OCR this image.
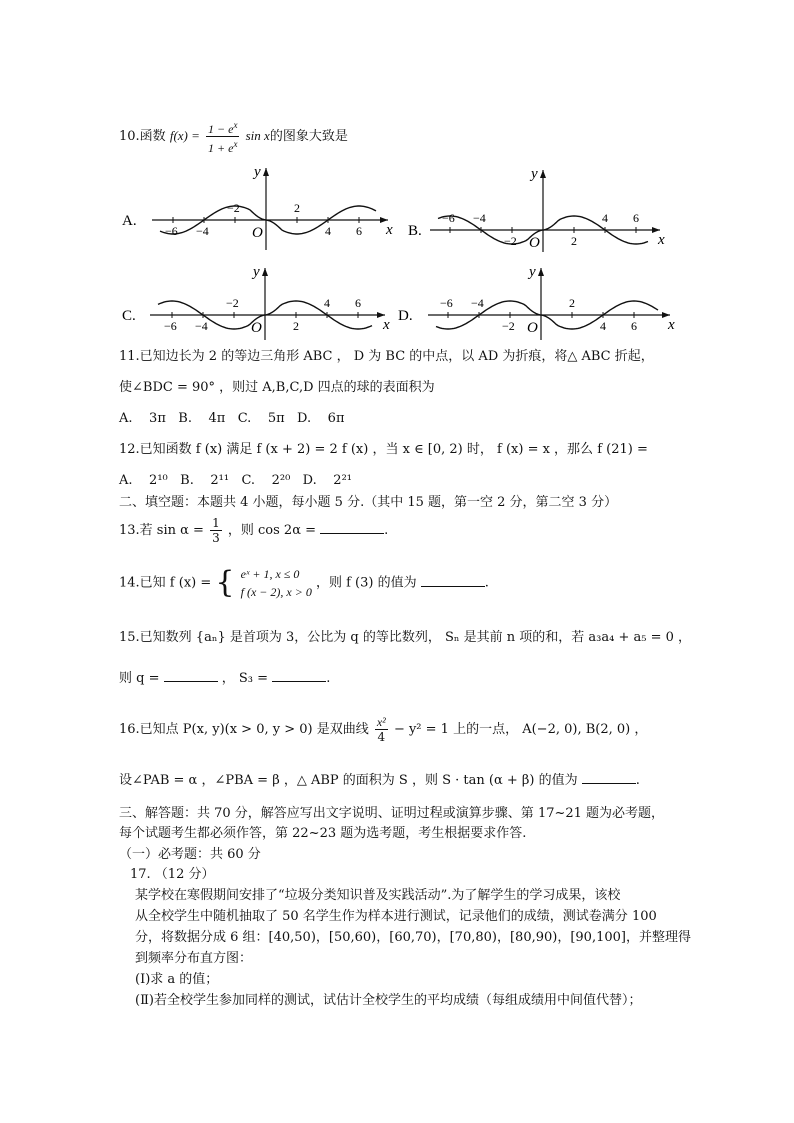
10.函数 $f(x) = \frac{1 - e^x}{1 + e^x}$ sin x的图象大致是
A.
x
y
O
−2	2
−6 −4	4 6	B.
x
y
O
−6 −4	4 6
−2	2
C.
x
y
O
−2	4 6
−6 −4	2
D.
x
y
O
−6 −4	2
−2	4 6
11.已知边长为 2 的等边三角形 ABC ， D 为 BC 的中点，以 AD 为折痕，将△ ABC 折起，
使∠BDC = 90° ，则过 A,B,C,D 四点的球的表面积为
A.    3π   B.    4π   C.    5π   D.    6π
12.已知函数 f (x) 满足 f (x + 2) = 2 f (x) ，当 x ∈ [0, 2) 时， f (x) = x ，那么 f (21) =
A.    2¹⁰   B.    2¹¹   C.    2²⁰   D.    2²¹
二、填空题：本题共 4 小题，每小题 5 分.（其中 15 题，第一空 2 分，第二空 3 分）
13.若 $\sin \alpha = \frac{1}{3}$ ，则 cos 2α =	.
14.已知 f (x) = { eˣ + 1, x ≤ 0
f (x − 2), x > 0 ，则 f (3) 的值为	.
15.已知数列 {aₙ} 是首项为 3，公比为 q 的等比数列， Sₙ 是其前 n 项的和，若 a₃a₄ + a₅ = 0 ，
则 q =	， S₃ =	.
16.已知点 P(x, y)(x > 0, y > 0) 是双曲线 $\frac{\text{x²}}{4} - y^2 = 1$ 上的一点， A(−2, 0), B(2, 0) ，
设∠PAB = α ，∠PBA = β ，△ ABP 的面积为 S ，则 S · tan (α + β) 的值为	.
三、解答题：共 70 分，解答应写出文字说明、证明过程或演算步骤、第 17~21 题为必考题，
每个试题考生都必须作答，第 22~23 题为选考题，考生根据要求作答.
（一）必考题：共 60 分
17. （12 分）
某学校在寒假期间安排了“垃圾分类知识普及实践活动”.为了解学生的学习成果，该校
从全校学生中随机抽取了 50 名学生作为样本进行测试，记录他们的成绩，测试卷满分 100
分，将数据分成 6 组：[40,50)，[50,60)，[60,70)，[70,80)，[80,90)，[90,100]，并整理得
到频率分布直方图：
(Ⅰ)求 a 的值；
(Ⅱ)若全校学生参加同样的测试，试估计全校学生的平均成绩（每组成绩用中间值代替）；
